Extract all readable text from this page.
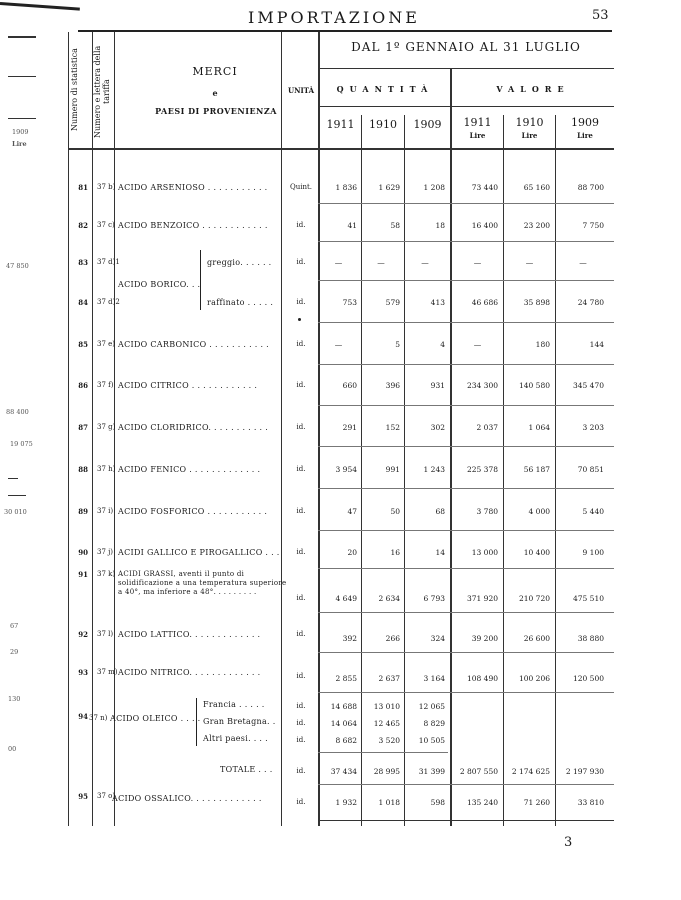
IMPORTAZIONE	53
1909
Lire
47 850
88 400
19 075
30 010
67
29
130
00
Numero di statistica	Numero e lettera della tariffa
MERCI
e
PAESI DI PROVENIENZA
UNITÀ
DAL 1º GENNAIO AL 31 LUGLIO
QUANTITÀ	VALORE
1911	1910	1909	1911	1910	1909
Lire	Lire	Lire
81 37 b) ACIDO ARSENIOSO . . . . . . . . . . .	Quint.	1 836	1 629	1 208	73 440	65 160	88 700
82 37 c) ACIDO BENZOICO . . . . . . . . . . . .	id.	41	58	18	16 400	23 200	7 750
83 37 d)1
ACIDO BORICO. . .
greggio. . . . . .	id.	—	—	—	—	—	—
84 37 d)2	raffinato . . . . .	id.	753	579	413	46 686	35 898	24 780
85 37 e) ACIDO CARBONICO . . . . . . . . . . .	id.	—	5	4	—	180	144
86 37 f) ACIDO CITRICO . . . . . . . . . . . .	id.	660	396	931	234 300	140 580	345 470
87 37 g) ACIDO CLORIDRICO. . . . . . . . . . .	id.	291	152	302	2 037	1 064	3 203
88 37 h) ACIDO FENICO . . . . . . . . . . . . .	id.	3 954	991	1 243	225 378	56 187	70 851
89 37 i) ACIDO FOSFORICO . . . . . . . . . . .	id.	47	50	68	3 780	4 000	5 440
90 37 j) ACIDI GALLICO E PIROGALLICO . . .	id.	20	16	14	13 000	10 400	9 100
91 37 k) ACIDI GRASSI, aventi il punto di solidificazione a una temperatura superiore a 40°, ma inferiore a 48°. . . . . . . . .
id.	4 649	2 634	6 793	371 920	210 720	475 510
92 37 l) ACIDO LATTICO. . . . . . . . . . . . .	id.	392	266	324	39 200	26 600	38 880
93 37 m) ACIDO NITRICO. . . . . . . . . . . . .	id.	2 855	2 637	3 164	108 490	100 206	120 500
94 37 n) ACIDO OLEICO . . . .
Francia . . . . .	id.	14 688	13 010	12 065
Gran Bretagna. .	id.	14 064	12 465	8 829
Altri paesi. . . .	id.	8 682	3 520	10 505
TOTALE . . .	id.	37 434	28 995	31 399	2 807 550	2 174 625	2 197 930
95 37 o)
ACIDO OSSALICO. . . . . . . . . . . . .	id.	1 932	1 018	598	135 240	71 260	33 810
3
